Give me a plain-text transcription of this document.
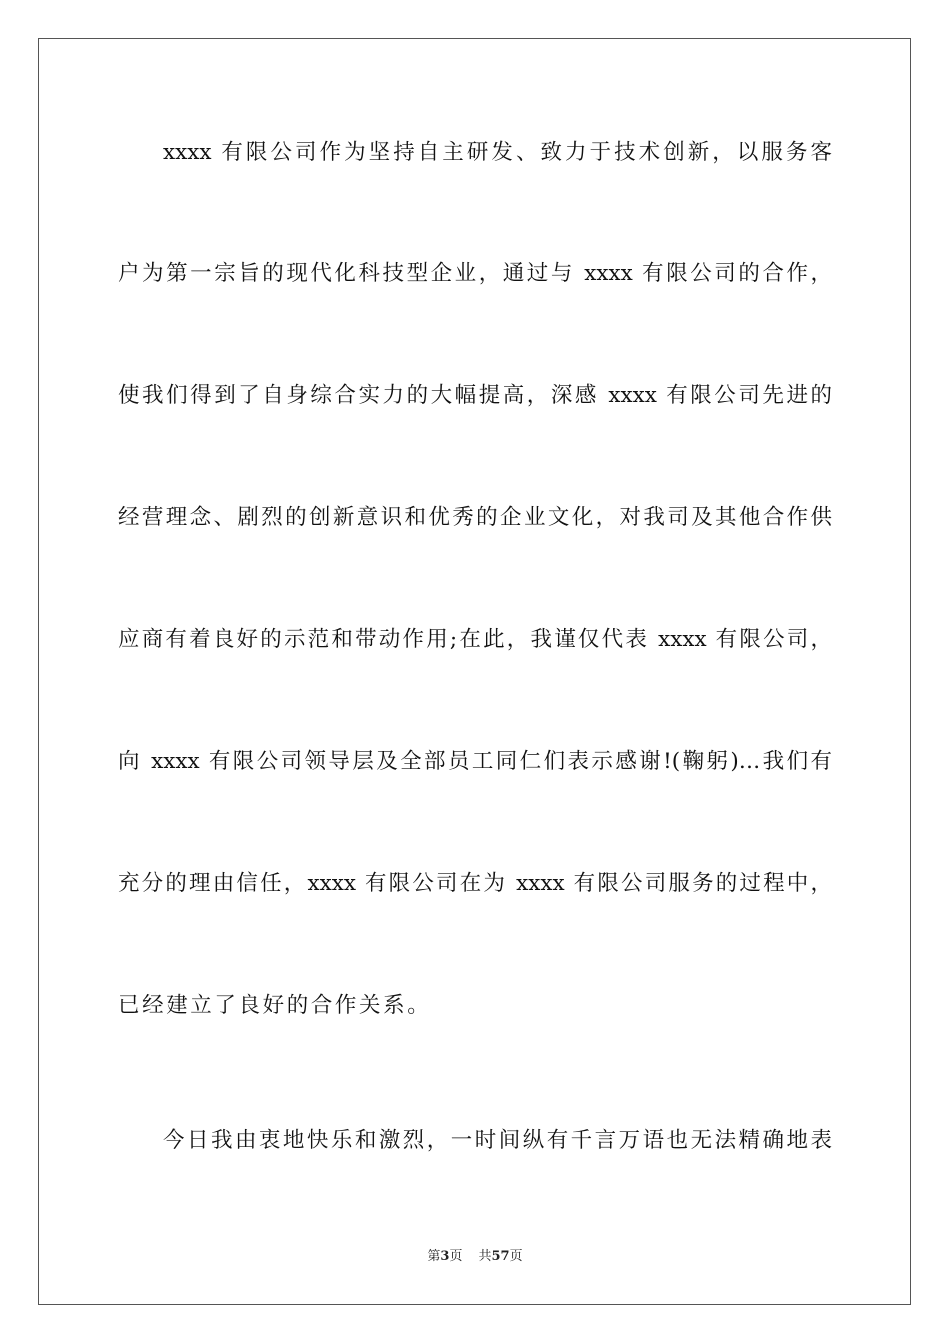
xxxx 有限公司作为坚持自主研发、致力于技术创新，以服务客
户为第一宗旨的现代化科技型企业，通过与 xxxx 有限公司的合作，
使我们得到了自身综合实力的大幅提高，深感 xxxx 有限公司先进的
经营理念、剧烈的创新意识和优秀的企业文化，对我司及其他合作供
应商有着良好的示范和带动作用;在此，我谨仅代表 xxxx 有限公司，
向 xxxx 有限公司领导层及全部员工同仁们表示感谢!(鞠躬)…我们有
充分的理由信任，xxxx 有限公司在为 xxxx 有限公司服务的过程中，
已经建立了良好的合作关系。
今日我由衷地快乐和激烈，一时间纵有千言万语也无法精确地表
第3页 共57页
